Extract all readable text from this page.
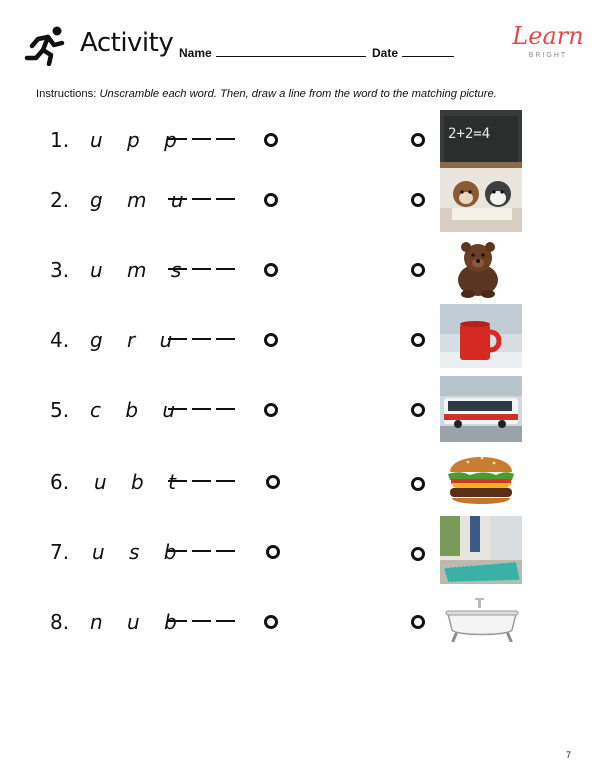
Activity Name	Date
Learn
BRIGHT
Instructions: Unscramble each word. Then, draw a line from the word to the matching picture.
1. u p p	2+2=4
2. g m u
3. u m s
4. g r u
5. c b u
6. u b t
7. u s b
8. n u b
7
